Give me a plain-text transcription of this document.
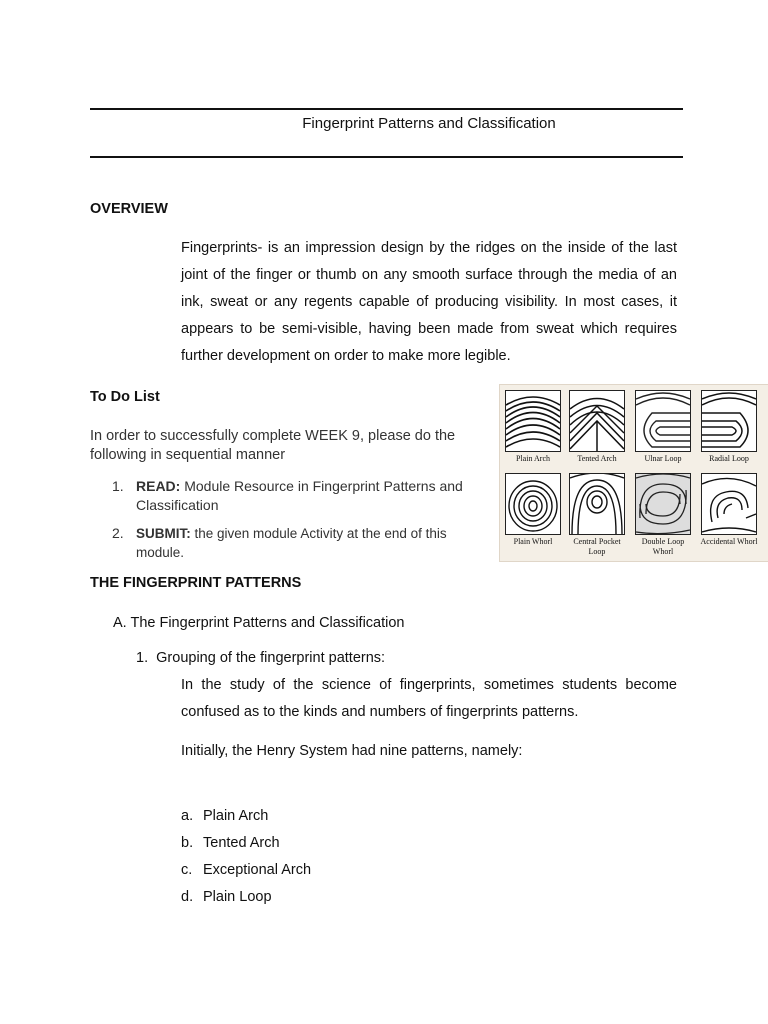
Fingerprint Patterns and Classification
OVERVIEW
Fingerprints- is an impression design by the ridges on the inside of the last joint of the finger or thumb on any smooth surface through the media of an ink, sweat or any regents capable of producing visibility. In most cases, it appears to be semi-visible, having been made from sweat which requires further development on order to make more legible.
To Do List
In order to successfully complete WEEK 9, please do the following in sequential manner
1. READ: Module Resource in Fingerprint Patterns and Classification
2. SUBMIT: the given module Activity at the end of this module.
Plain Arch	Tented Arch	Ulnar Loop	Radial Loop
Plain Whorl	Central Pocket Loop
Double Loop Whorl
Accidental Whorl
THE FINGERPRINT PATTERNS
A. The Fingerprint Patterns and Classification
1.  Grouping of the fingerprint patterns:
In the study of the science of fingerprints, sometimes students become confused as to the kinds and numbers of fingerprints patterns.
Initially, the Henry System had nine patterns, namely:
a. Plain Arch
b. Tented Arch
c. Exceptional Arch
d. Plain Loop
